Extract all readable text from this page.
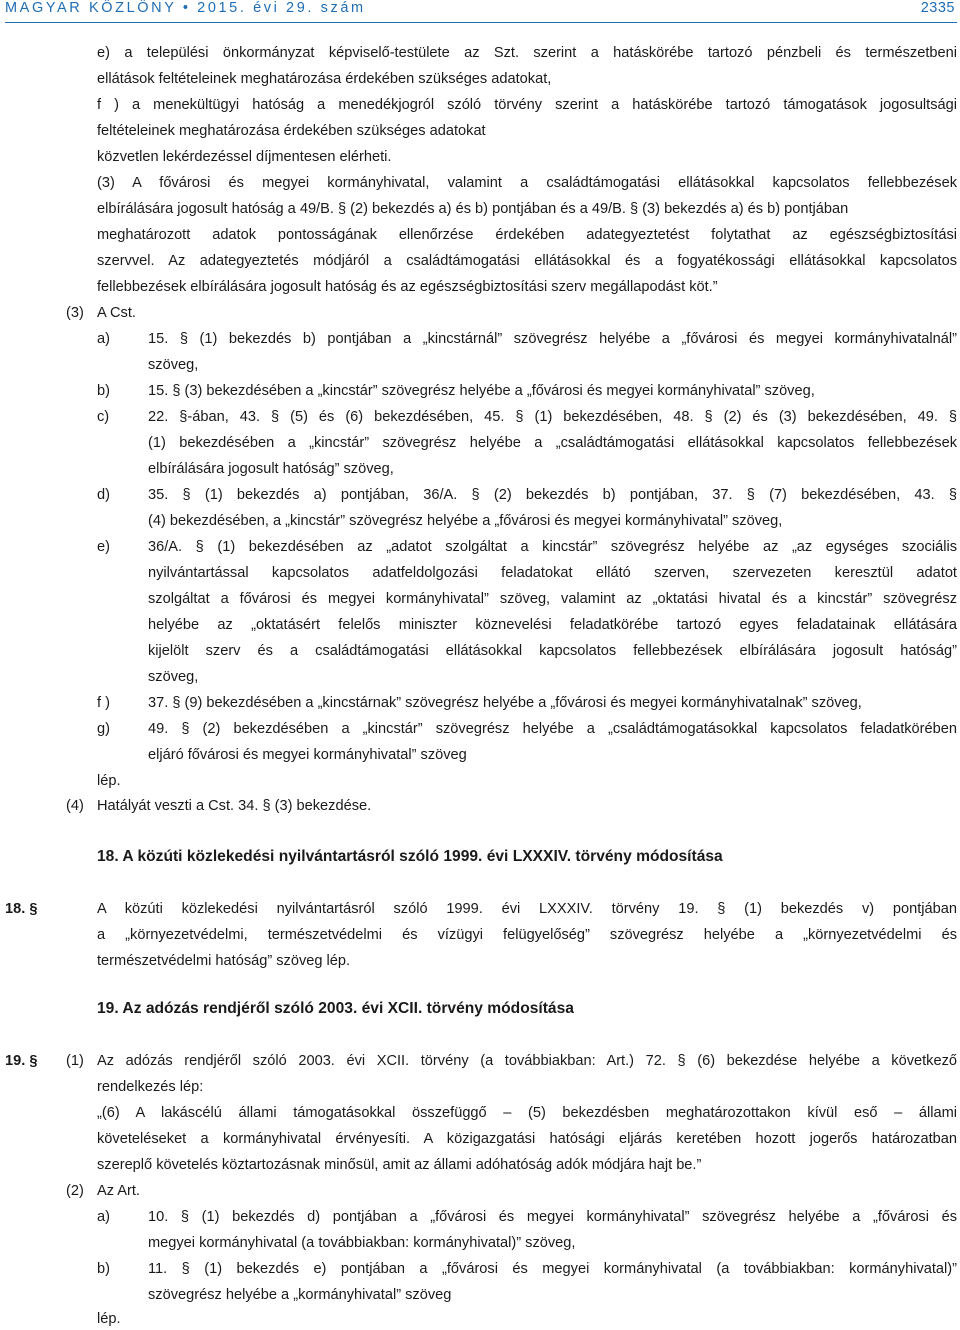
MAGYAR KÖZLÖNY • 2015. évi 29. szám	2335
e) a települési önkormányzat képviselő-testülete az Szt. szerint a hatáskörébe tartozó pénzbeli és természetbeni
ellátások feltételeinek meghatározása érdekében szükséges adatokat,
f ) a menekültügyi hatóság a menedékjogról szóló törvény szerint a hatáskörébe tartozó támogatások jogosultsági
feltételeinek meghatározása érdekében szükséges adatokat
közvetlen lekérdezéssel díjmentesen elérheti.
(3) A fővárosi és megyei kormányhivatal, valamint a családtámogatási ellátásokkal kapcsolatos fellebbezések
elbírálására jogosult hatóság a 49/B. § (2) bekezdés a) és b) pontjában és a 49/B. § (3) bekezdés a) és b) pontjában
meghatározott adatok pontosságának ellenőrzése érdekében adategyeztetést folytathat az egészségbiztosítási
szervvel. Az adategyeztetés módjáról a családtámogatási ellátásokkal és a fogyatékossági ellátásokkal kapcsolatos
fellebbezések elbírálására jogosult hatóság és az egészségbiztosítási szerv megállapodást köt.”
(3) A Cst.
a)	15. § (1) bekezdés b) pontjában a „kincstárnál” szövegrész helyébe a „fővárosi és megyei kormányhivatalnál”
szöveg,
b)	15. § (3) bekezdésében a „kincstár” szövegrész helyébe a „fővárosi és megyei kormányhivatal” szöveg,
c)	22. §-ában, 43. § (5) és (6) bekezdésében, 45. § (1) bekezdésében, 48. § (2) és (3) bekezdésében, 49. §
(1) bekezdésében a „kincstár” szövegrész helyébe a „családtámogatási ellátásokkal kapcsolatos fellebbezések
elbírálására jogosult hatóság” szöveg,
d)	35. § (1) bekezdés a) pontjában, 36/A. § (2) bekezdés b) pontjában, 37. § (7) bekezdésében, 43. §
(4) bekezdésében, a „kincstár” szövegrész helyébe a „fővárosi és megyei kormányhivatal” szöveg,
e)	36/A. § (1) bekezdésében az „adatot szolgáltat a kincstár” szövegrész helyébe az „az egységes szociális
nyilvántartással kapcsolatos adatfeldolgozási feladatokat ellátó szerven, szervezeten keresztül adatot
szolgáltat a fővárosi és megyei kormányhivatal” szöveg, valamint az „oktatási hivatal és a kincstár” szövegrész
helyébe az „oktatásért felelős miniszter köznevelési feladatkörébe tartozó egyes feladatainak ellátására
kijelölt szerv és a családtámogatási ellátásokkal kapcsolatos fellebbezések elbírálására jogosult hatóság”
szöveg,
f )	37. § (9) bekezdésében a „kincstárnak” szövegrész helyébe a „fővárosi és megyei kormányhivatalnak” szöveg,
g)	49. § (2) bekezdésében a „kincstár” szövegrész helyébe a „családtámogatásokkal kapcsolatos feladatkörében
eljáró fővárosi és megyei kormányhivatal” szöveg
lép.
(4) Hatályát veszti a Cst. 34. § (3) bekezdése.
18. A közúti közlekedési nyilvántartásról szóló 1999. évi LXXXIV. törvény módosítása
18. §	A közúti közlekedési nyilvántartásról szóló 1999. évi LXXXIV. törvény 19. § (1) bekezdés v) pontjában
a „környezetvédelmi, természetvédelmi és vízügyi felügyelőség” szövegrész helyébe a „környezetvédelmi és
természetvédelmi hatóság” szöveg lép.
19. Az adózás rendjéről szóló 2003. évi XCII. törvény módosítása
19. § (1) Az adózás rendjéről szóló 2003. évi XCII. törvény (a továbbiakban: Art.) 72. § (6) bekezdése helyébe a következő
rendelkezés lép:
„(6) A lakáscélú állami támogatásokkal összefüggő – (5) bekezdésben meghatározottakon kívül eső – állami
követeléseket a kormányhivatal érvényesíti. A közigazgatási hatósági eljárás keretében hozott jogerős határozatban
szereplő követelés köztartozásnak minősül, amit az állami adóhatóság adók módjára hajt be.”
(2) Az Art.
a)	10. § (1) bekezdés d) pontjában a „fővárosi és megyei kormányhivatal” szövegrész helyébe a „fővárosi és
megyei kormányhivatal (a továbbiakban: kormányhivatal)” szöveg,
b)	11. § (1) bekezdés e) pontjában a „fővárosi és megyei kormányhivatal (a továbbiakban: kormányhivatal)”
szövegrész helyébe a „kormányhivatal” szöveg
lép.
